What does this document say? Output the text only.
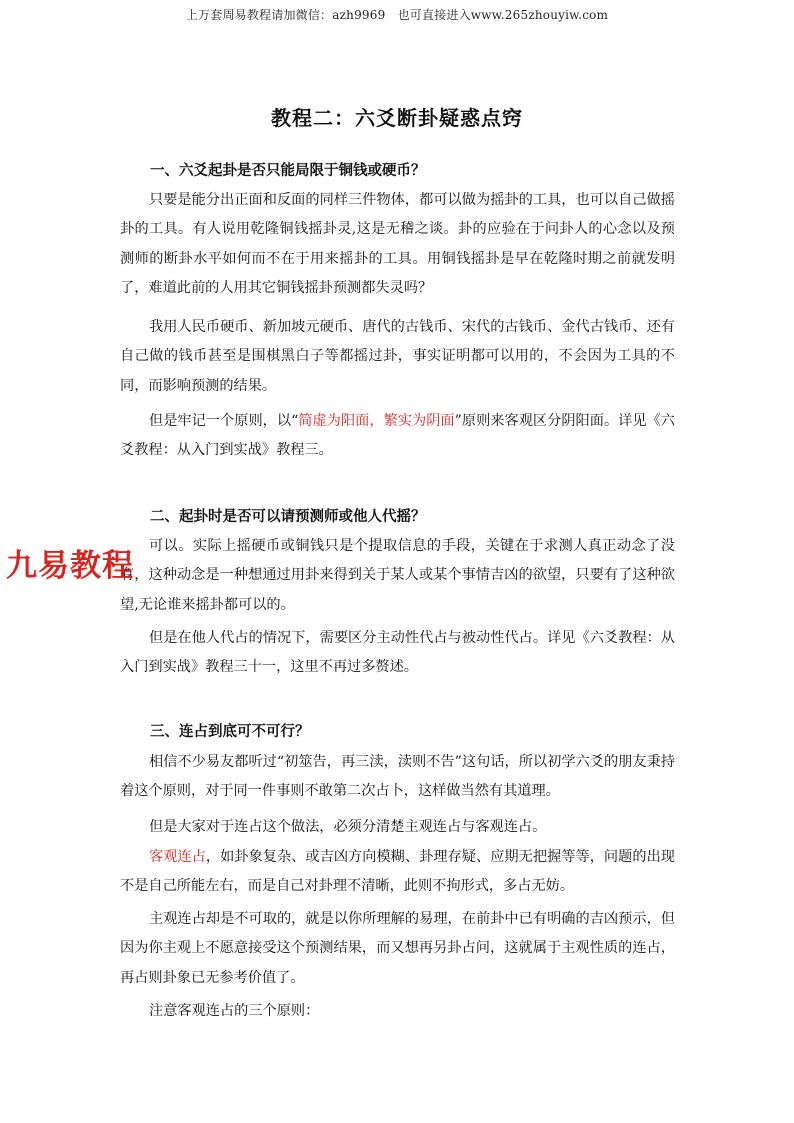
上万套周易教程请加微信：azh9969　也可直接进入www.265zhouyiw.com
教程二：六爻断卦疑惑点窍
一、六爻起卦是否只能局限于铜钱或硬币？
只要是能分出正面和反面的同样三件物体，都可以做为摇卦的工具，也可以自己做摇卦的工具。有人说用乾隆铜钱摇卦灵,这是无稽之谈。卦的应验在于问卦人的心念以及预测师的断卦水平如何而不在于用来摇卦的工具。用铜钱摇卦是早在乾隆时期之前就发明了，难道此前的人用其它铜钱摇卦预测都失灵吗？
我用人民币硬币、新加坡元硬币、唐代的古钱币、宋代的古钱币、金代古钱币、还有自己做的钱币甚至是围棋黑白子等都摇过卦，事实证明都可以用的，不会因为工具的不同，而影响预测的结果。
但是牢记一个原则，以“简虚为阳面，繁实为阴面”原则来客观区分阴阳面。详见《六爻教程：从入门到实战》教程三。
二、起卦时是否可以请预测师或他人代摇？
可以。实际上摇硬币或铜钱只是个提取信息的手段，关键在于求测人真正动念了没有，这种动念是一种想通过用卦来得到关于某人或某个事情吉凶的欲望，只要有了这种欲望,无论谁来摇卦都可以的。
但是在他人代占的情况下，需要区分主动性代占与被动性代占。详见《六爻教程：从入门到实战》教程三十一，这里不再过多赘述。
三、连占到底可不可行？
相信不少易友都听过“初筮告，再三渎，渎则不告”这句话，所以初学六爻的朋友秉持着这个原则，对于同一件事则不敢第二次占卜，这样做当然有其道理。
但是大家对于连占这个做法，必须分清楚主观连占与客观连占。
客观连占，如卦象复杂、或吉凶方向模糊、卦理存疑、应期无把握等等，问题的出现不是自己所能左右，而是自己对卦理不清晰，此则不拘形式，多占无妨。
主观连占却是不可取的，就是以你所理解的易理，在前卦中已有明确的吉凶预示，但因为你主观上不愿意接受这个预测结果，而又想再另卦占问，这就属于主观性质的连占，再占则卦象已无参考价值了。
注意客观连占的三个原则：
九易教程
